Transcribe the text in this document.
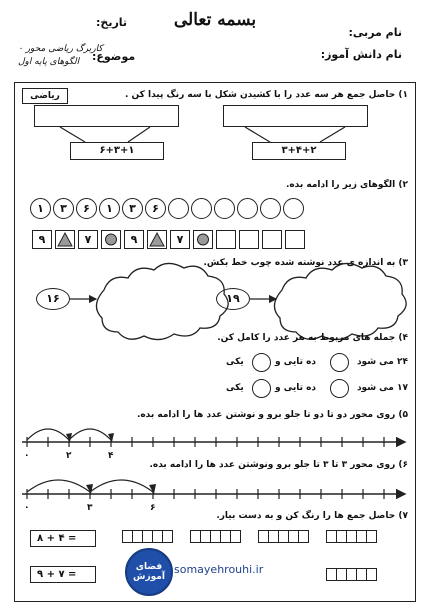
بسمه تعالی
نام مربی:
تاریخ:
نام دانش آموز:
موضوع:
کاربرگ ریاضی محور ۰
الگوهای پایه اول
ریاضی	۱) حاصل جمع هر سه عدد را با کشیدن شکل با سه رنگ پیدا کن .
۶+۳+۱	۳+۴+۲
۲) الگوهای زیر را ادامه بده.
۱	۳	۶	۱	۳	۶
۹	۷	۹	۷
۳) به اندازه ی عدد نوشته شده چوب خط بکش.
۱۶	۱۹
۴) جمله های مربوط به هر عدد را کامل کن.
۲۴ می شود
ده تایی و
یکی
۱۷ می شود
ده تایی و
یکی
۵) روی محور دو تا دو تا جلو برو و نوشتن عدد ها را ادامه بده.
۰	۲	۴
۶) روی محور ۳ تا ۳ تا جلو برو ونوشتن عدد ها را ادامه بده.
۰	۳	۶
۷) حاصل جمع ها را رنگ کن و به دست بیار.
۸ + ۴ =
۹ + ۷ =
فضای آموزش
somayehrouhi.ir
